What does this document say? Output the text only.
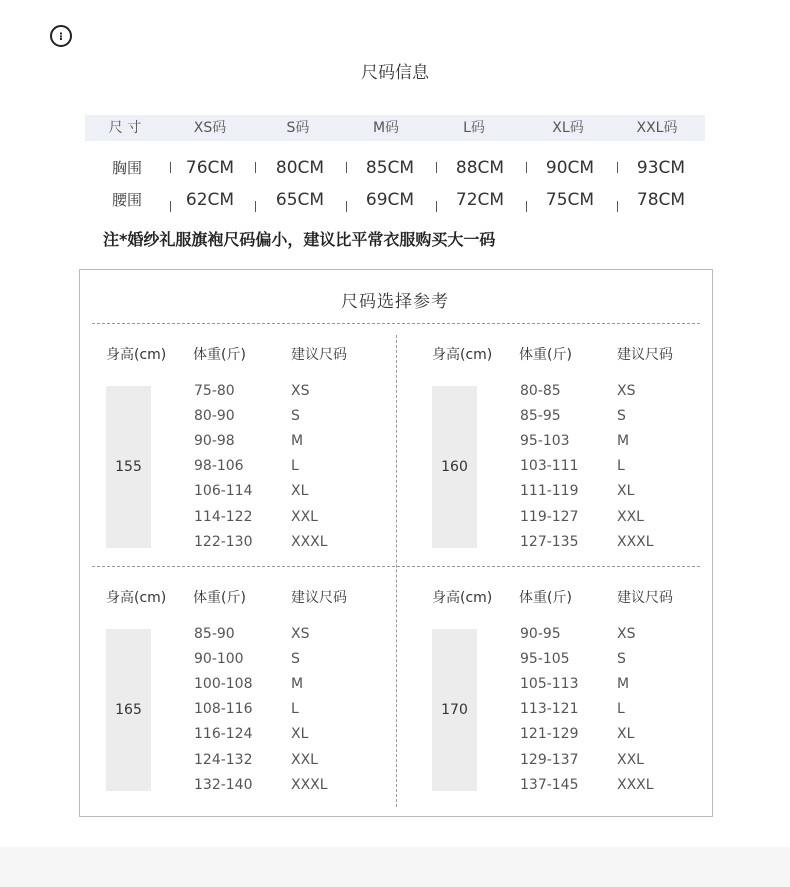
⁝
尺码信息
尺 寸	XS码	S码	M码	L码	XL码	XXL码
胸围	76CM	80CM	85CM	88CM	90CM	93CM
腰围	62CM	65CM	69CM	72CM	75CM	78CM
注*婚纱礼服旗袍尺码偏小，建议比平常衣服购买大一码
尺码选择参考
身高(cm) 体重(斤)	建议尺码
155
75-80	XS
80-90	S
90-98	M
98-106	L
106-114	XL
114-122	XXL
122-130	XXXL
身高(cm) 体重(斤)	建议尺码
160
80-85	XS
85-95	S
95-103	M
103-111	L
111-119	XL
119-127	XXL
127-135	XXXL
身高(cm) 体重(斤)	建议尺码
165
85-90	XS
90-100	S
100-108	M
108-116	L
116-124	XL
124-132	XXL
132-140	XXXL
身高(cm) 体重(斤)	建议尺码
170
90-95	XS
95-105	S
105-113	M
113-121	L
121-129	XL
129-137	XXL
137-145	XXXL
